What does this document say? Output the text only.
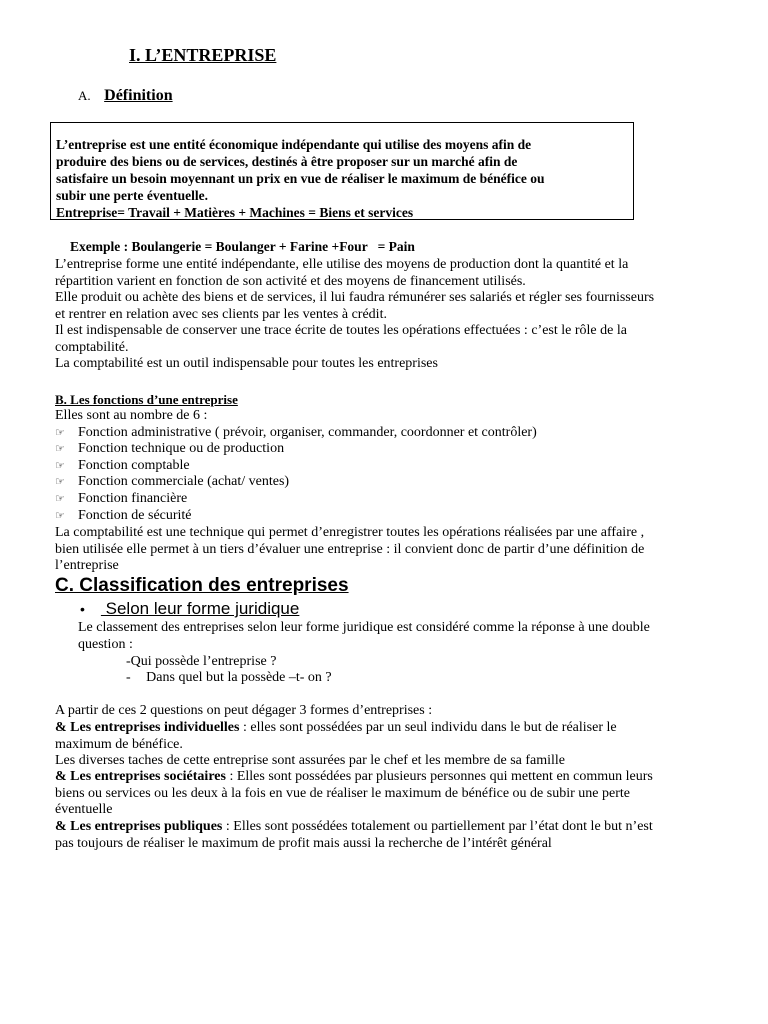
I. L’ENTREPRISE
A. Définition

L’entreprise est une entité économique indépendante qui utilise des moyens afin de

produire des biens ou de services, destinés à être proposer sur un marché afin de

satisfaire un besoin moyennant un prix en vue de réaliser le maximum de bénéfice ou

subir une perte éventuelle.

Entreprise= Travail + Matières + Machines = Biens et services

Exemple : Boulangerie = Boulanger + Farine +Four   = Pain

L’entreprise forme une entité indépendante, elle utilise des moyens de production dont la quantité et la

répartition varient en fonction de son activité et des moyens de financement utilisés.

Elle produit ou achète des biens et de services, il lui faudra rémunérer ses salariés et régler ses fournisseurs

et rentrer en relation avec ses clients par les ventes à crédit.

Il est indispensable de conserver une trace écrite de toutes les opérations effectuées : c’est le rôle de la

comptabilité.

La comptabilité est un outil indispensable pour toutes les entreprises

B. Les fonctions d’une entreprise
Elles sont au nombre de 6 :
☞ Fonction administrative ( prévoir, organiser, commander, coordonner et contrôler)
☞ Fonction technique ou de production
☞ Fonction comptable
☞ Fonction commerciale (achat/ ventes)
☞ Fonction financière
☞ Fonction de sécurité

La comptabilité est une technique qui permet d’enregistrer toutes les opérations réalisées par une affaire ,

bien utilisée elle permet à un tiers d’évaluer une entreprise : il convient donc de partir d’une définition de

l’entreprise

C. Classification des entreprises
• Selon leur forme juridique

Le classement des entreprises selon leur forme juridique est considéré comme la réponse à une double

question :

-Qui possède l’entreprise ?
- Dans quel but la possède –t- on ?
A partir de ces 2 questions on peut dégager 3 formes d’entreprises :

& Les entreprises individuelles : elles sont possédées par un seul individu dans le but de réaliser le

maximum de bénéfice.

Les diverses taches de cette entreprise sont assurées par le chef et les membre de sa famille

& Les entreprises sociétaires : Elles sont possédées par plusieurs personnes qui mettent en commun leurs

biens ou services ou les deux à la fois en vue de réaliser le maximum de bénéfice ou de subir une perte

éventuelle

& Les entreprises publiques : Elles sont possédées totalement ou partiellement par l’état dont le but n’est

pas toujours de réaliser le maximum de profit mais aussi la recherche de l’intérêt général
